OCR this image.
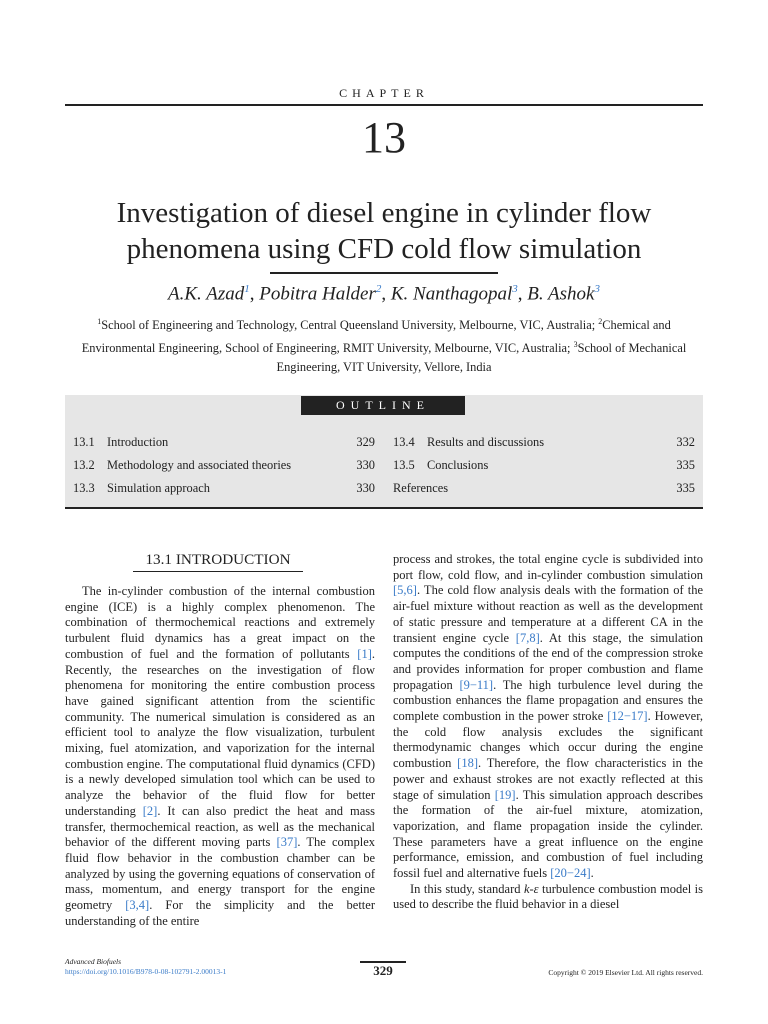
CHAPTER
13
Investigation of diesel engine in cylinder flow
phenomena using CFD cold flow simulation
A.K. Azad$^1$, Pobitra Halder$^2$, K. Nanthagopal$^3$, B. Ashok$^3$
$^1$School of Engineering and Technology, Central Queensland University, Melbourne, VIC, Australia; $^2$Chemical and Environmental Engineering, School of Engineering, RMIT University, Melbourne, VIC, Australia; $^3$School of Mechanical Engineering, VIT University, Vellore, India
OUTLINE
13.1 Introduction	329
13.2 Methodology and associated theories	330
13.3 Simulation approach	330
13.4 Results and discussions	332
13.5 Conclusions	335
References	335
13.1 INTRODUCTION

The in-cylinder combustion of the internal combustion engine (ICE) is a highly complex phenomenon. The combination of thermochemical reactions and extremely turbulent fluid dynamics has a great impact on the combustion of fuel and the formation of pollutants [1]. Recently, the researches on the investigation of flow phenomena for monitoring the entire combustion process have gained significant attention from the scientific community. The numerical simulation is considered as an efficient tool to analyze the flow visualization, turbulent mixing, fuel atomization, and vaporization for the internal combustion engine. The computational fluid dynamics (CFD) is a newly developed simulation tool which can be used to analyze the behavior of the fluid flow for better understanding [2]. It can also predict the heat and mass transfer, thermochemical reaction, as well as the mechanical behavior of the different moving parts [37]. The complex fluid flow behavior in the combustion chamber can be analyzed by using the governing equations of conservation of mass, momentum, and energy transport for the engine geometry [3,4]. For the simplicity and the better understanding of the entire

process and strokes, the total engine cycle is subdivided into port flow, cold flow, and in-cylinder combustion simulation [5,6]. The cold flow analysis deals with the formation of the air-fuel mixture without reaction as well as the development of static pressure and temperature at a different CA in the transient engine cycle [7,8]. At this stage, the simulation computes the conditions of the end of the compression stroke and provides information for proper combustion and flame propagation [9−11]. The high turbulence level during the combustion enhances the flame propagation and ensures the complete combustion in the power stroke [12−17]. However, the cold flow analysis excludes the significant thermodynamic changes which occur during the engine combustion [18]. Therefore, the flow characteristics in the power and exhaust strokes are not exactly reflected at this stage of simulation [19]. This simulation approach describes the formation of the air-fuel mixture, atomization, vaporization, and flame propagation inside the cylinder. These parameters have a great influence on the engine performance, emission, and combustion of fuel including fossil fuel and alternative fuels [20−24].

In this study, standard k-ε turbulence combustion model is used to describe the fluid behavior in a diesel

Advanced Biofuels
https://doi.org/10.1016/B978-0-08-102791-2.00013-1	329	Copyright © 2019 Elsevier Ltd. All rights reserved.
